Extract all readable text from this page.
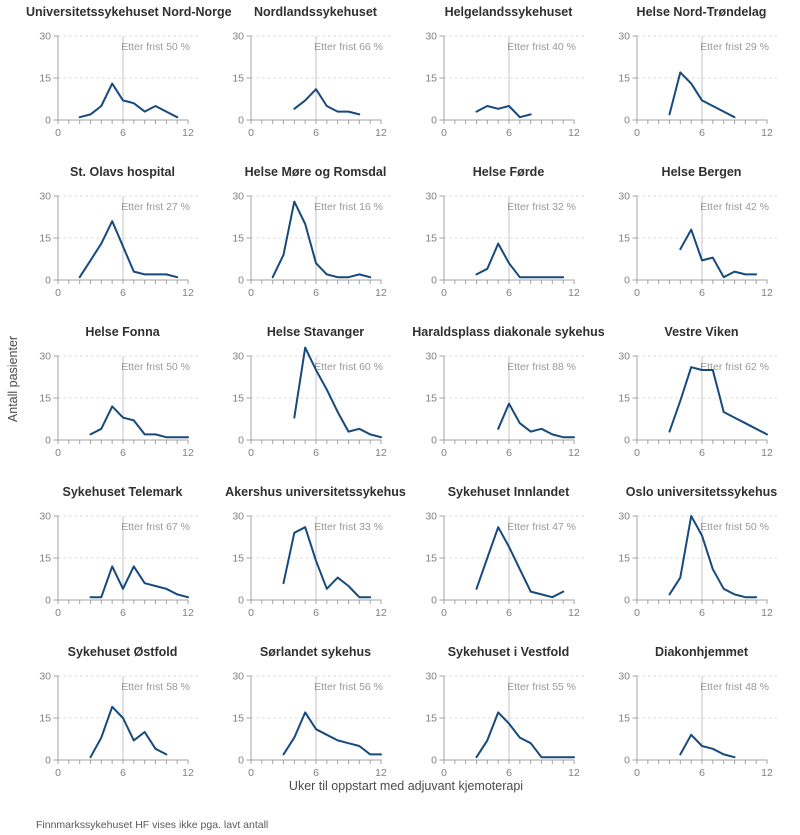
Antall pasienter
Universitetssykehuset Nord-Norge
0
15
30
0	6	12
Etter frist 50 %
Nordlandssykehuset
0
15
30
0	6	12
Etter frist 66 %
Helgelandssykehuset
0
15
30
0	6	12
Etter frist 40 %
Helse Nord-Trøndelag
0
15
30
0	6	12
Etter frist 29 %
St. Olavs hospital
0
15
30
0	6	12
Etter frist 27 %
Helse Møre og Romsdal
0
15
30
0	6	12
Etter frist 16 %
Helse Førde
0
15
30
0	6	12
Etter frist 32 %
Helse Bergen
0
15
30
0	6	12
Etter frist 42 %
Helse Fonna
0
15
30
0	6	12
Etter frist 50 %
Helse Stavanger
0
15
30
0	6	12
Etter frist 60 %
Haraldsplass diakonale sykehus
0
15
30
0	6	12
Etter frist 88 %
Vestre Viken
0
15
30
0	6	12
Etter frist 62 %
Sykehuset Telemark
0
15
30
0	6	12
Etter frist 67 %
Akershus universitetssykehus
0
15
30
0	6	12
Etter frist 33 %
Sykehuset Innlandet
0
15
30
0	6	12
Etter frist 47 %
Oslo universitetssykehus
0
15
30
0	6	12
Etter frist 50 %
Sykehuset Østfold
0
15
30
0	6	12
Etter frist 58 %
Sørlandet sykehus
0
15
30
0	6	12
Etter frist 56 %
Sykehuset i Vestfold
0
15
30
0	6	12
Etter frist 55 %
Diakonhjemmet
0
15
30
0	6	12
Etter frist 48 %
Uker til oppstart med adjuvant kjemoterapi
Finnmarkssykehuset HF vises ikke pga. lavt antall
